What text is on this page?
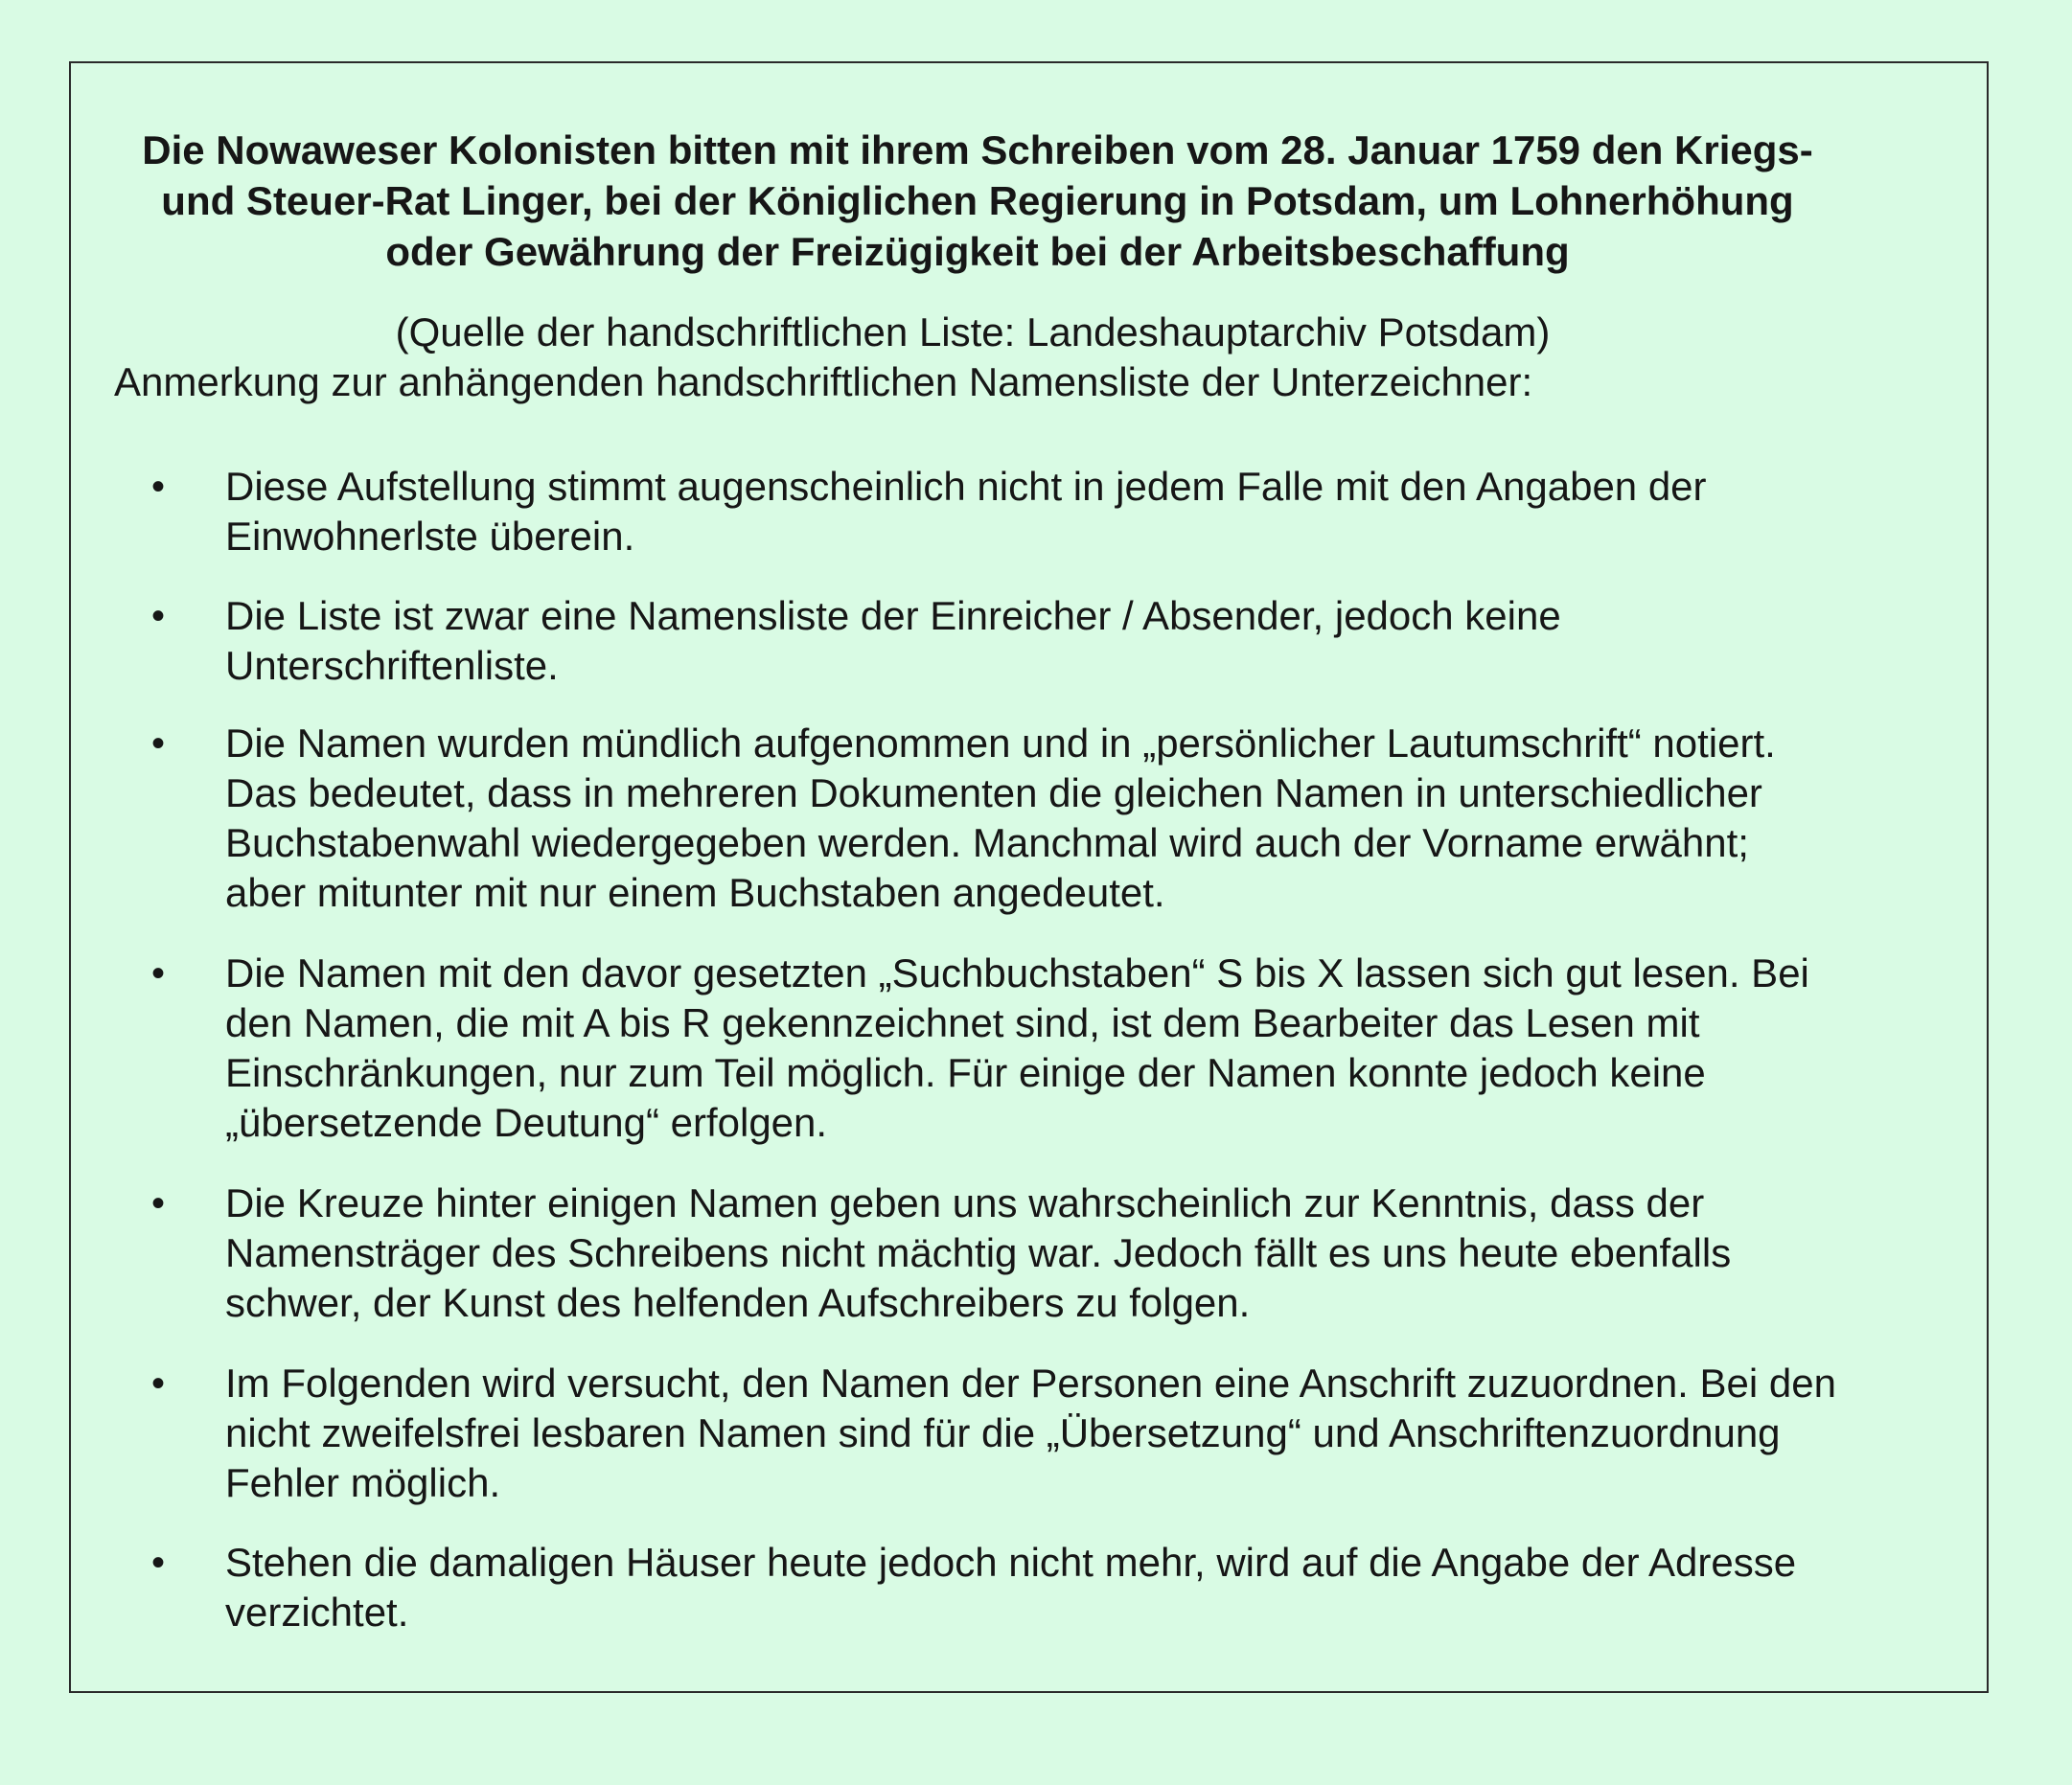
Die Nowaweser Kolonisten bitten mit ihrem Schreiben vom 28. Januar 1759 den Kriegs-
und Steuer-Rat Linger, bei der Königlichen Regierung in Potsdam, um Lohnerhöhung
oder Gewährung der Freizügigkeit bei der Arbeitsbeschaffung
(Quelle der handschriftlichen Liste: Landeshauptarchiv Potsdam)
Anmerkung zur anhängenden handschriftlichen Namensliste der Unterzeichner:
• Diese Aufstellung stimmt augenscheinlich nicht in jedem Falle mit den Angaben der
Einwohnerlste überein.
• Die Liste ist zwar eine Namensliste der Einreicher / Absender, jedoch keine
Unterschriftenliste.
• Die Namen wurden mündlich aufgenommen und in „persönlicher Lautumschrift“ notiert.
Das bedeutet, dass in mehreren Dokumenten die gleichen Namen in unterschiedlicher
Buchstabenwahl wiedergegeben werden. Manchmal wird auch der Vorname erwähnt;
aber mitunter mit nur einem Buchstaben angedeutet.
• Die Namen mit den davor gesetzten „Suchbuchstaben“ S bis X lassen sich gut lesen. Bei
den Namen, die mit A bis R gekennzeichnet sind, ist dem Bearbeiter das Lesen mit
Einschränkungen, nur zum Teil möglich. Für einige der Namen konnte jedoch keine
„übersetzende Deutung“ erfolgen.
• Die Kreuze hinter einigen Namen geben uns wahrscheinlich zur Kenntnis, dass der
Namensträger des Schreibens nicht mächtig war. Jedoch fällt es uns heute ebenfalls
schwer, der Kunst des helfenden Aufschreibers zu folgen.
• Im Folgenden wird versucht, den Namen der Personen eine Anschrift zuzuordnen. Bei den
nicht zweifelsfrei lesbaren Namen sind für die „Übersetzung“ und Anschriftenzuordnung
Fehler möglich.
• Stehen die damaligen Häuser heute jedoch nicht mehr, wird auf die Angabe der Adresse
verzichtet.
